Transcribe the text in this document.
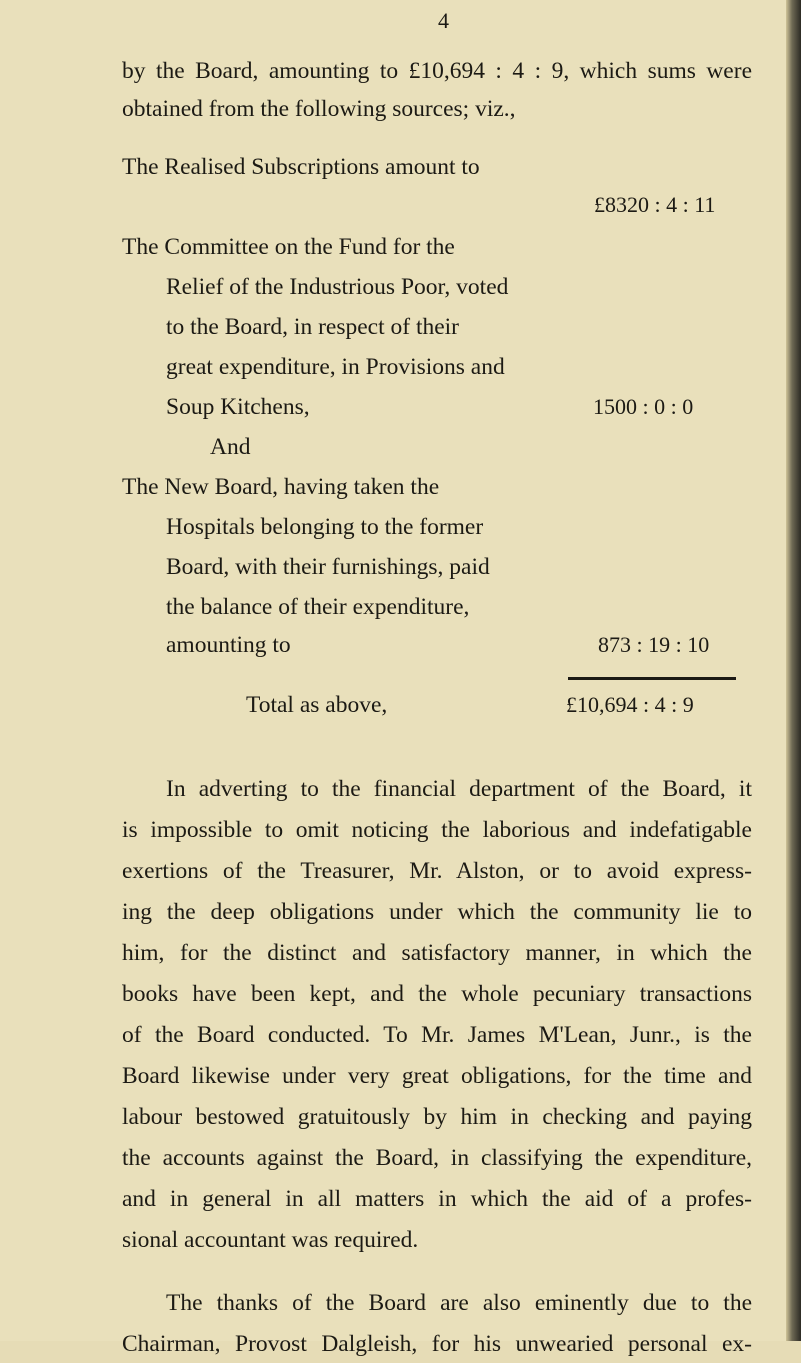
4
by the Board, amounting to £10,694 : 4 : 9, which sums were
obtained from the following sources; viz.,
The Realised Subscriptions amount to
£8320 : 4 : 11
The Committee on the Fund for the
Relief of the Industrious Poor, voted
to the Board, in respect of their
great expenditure, in Provisions and
Soup Kitchens,	1500 : 0 : 0
And
The New Board, having taken the
Hospitals belonging to the former
Board, with their furnishings, paid
the balance of their expenditure,
amounting to	873 : 19 : 10
Total as above,	£10,694 : 4 : 9
In adverting to the financial department of the Board, it
is impossible to omit noticing the laborious and indefatigable
exertions of the Treasurer, Mr. Alston, or to avoid express-
ing the deep obligations under which the community lie to
him, for the distinct and satisfactory manner, in which the
books have been kept, and the whole pecuniary transactions
of the Board conducted. To Mr. James M'Lean, Junr., is the
Board likewise under very great obligations, for the time and
labour bestowed gratuitously by him in checking and paying
the accounts against the Board, in classifying the expenditure,
and in general in all matters in which the aid of a profes-
sional accountant was required.
The thanks of the Board are also eminently due to the
Chairman, Provost Dalgleish, for his unwearied personal ex-
